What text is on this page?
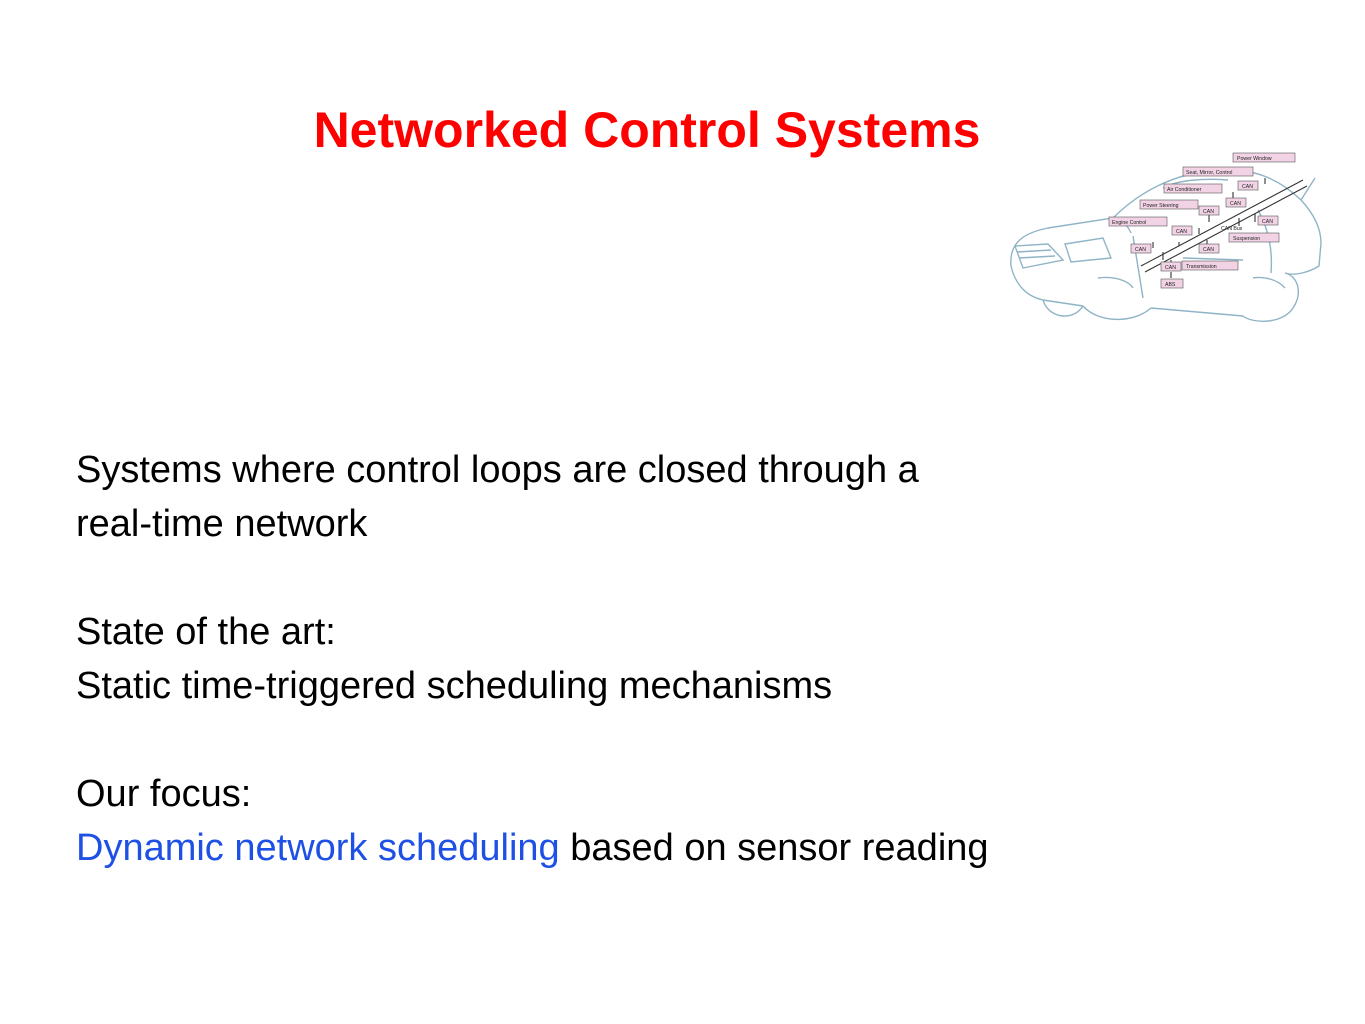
Networked Control Systems
Power Window
Seat, Mirror, Control
Air Conditioner
Power Steering
Engine Control
Suspension
Transmission
ABS
CAN Bus
CAN
CAN
CAN
CAN
CAN
CAN
CAN
CAN

Systems where control loops are closed through a

real-time network

State of the art:

Static time-triggered scheduling mechanisms

Our focus:

Dynamic network scheduling based on sensor reading
